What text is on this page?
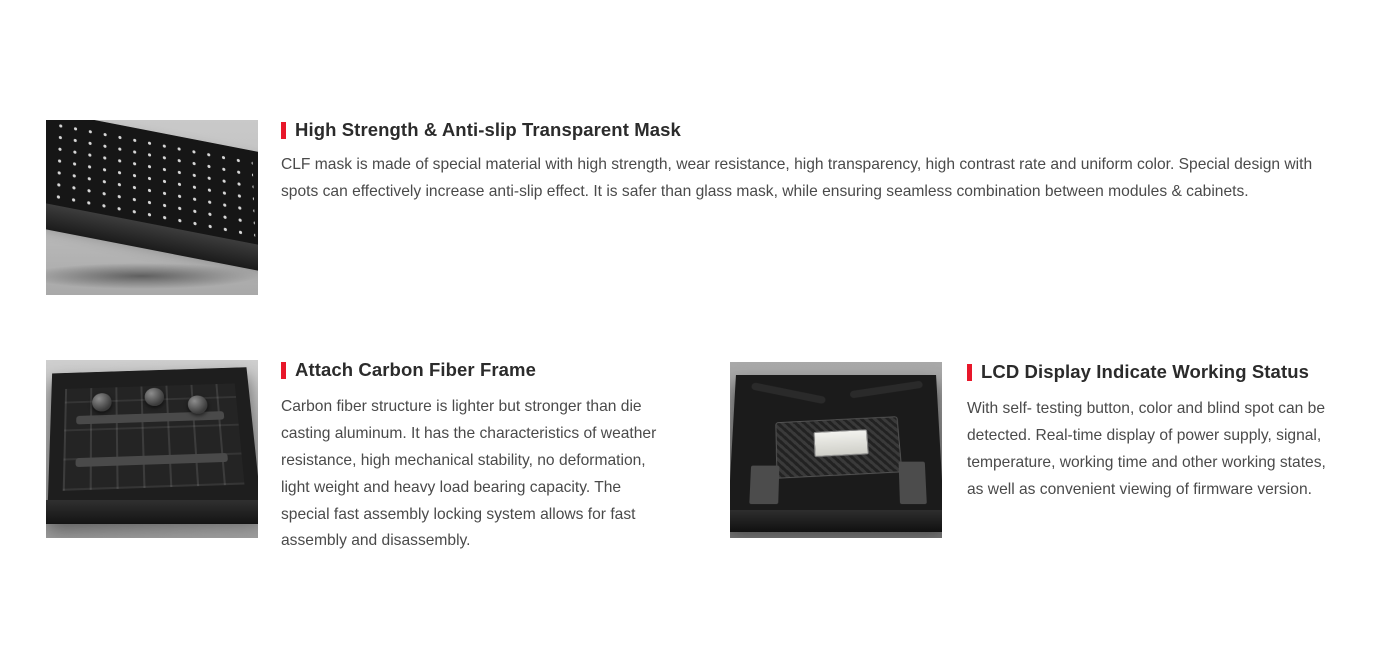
High Strength & Anti-slip Transparent Mask

CLF mask is made of special material with high strength, wear resistance, high transparency, high contrast rate and uniform color. Special design with spots can effectively increase anti-slip effect. It is safer than glass mask, while ensuring seamless combination between modules & cabinets.

Attach Carbon Fiber Frame

Carbon fiber structure is lighter but stronger than die casting aluminum. It has the characteristics of weather resistance, high mechanical stability, no deformation, light weight and heavy load bearing capacity. The special fast assembly locking system allows for fast assembly and disassembly.

LCD Display Indicate Working Status

With self- testing button, color and blind spot can be detected. Real-time display of power supply, signal, temperature, working time and other working states, as well as convenient viewing of firmware version.
